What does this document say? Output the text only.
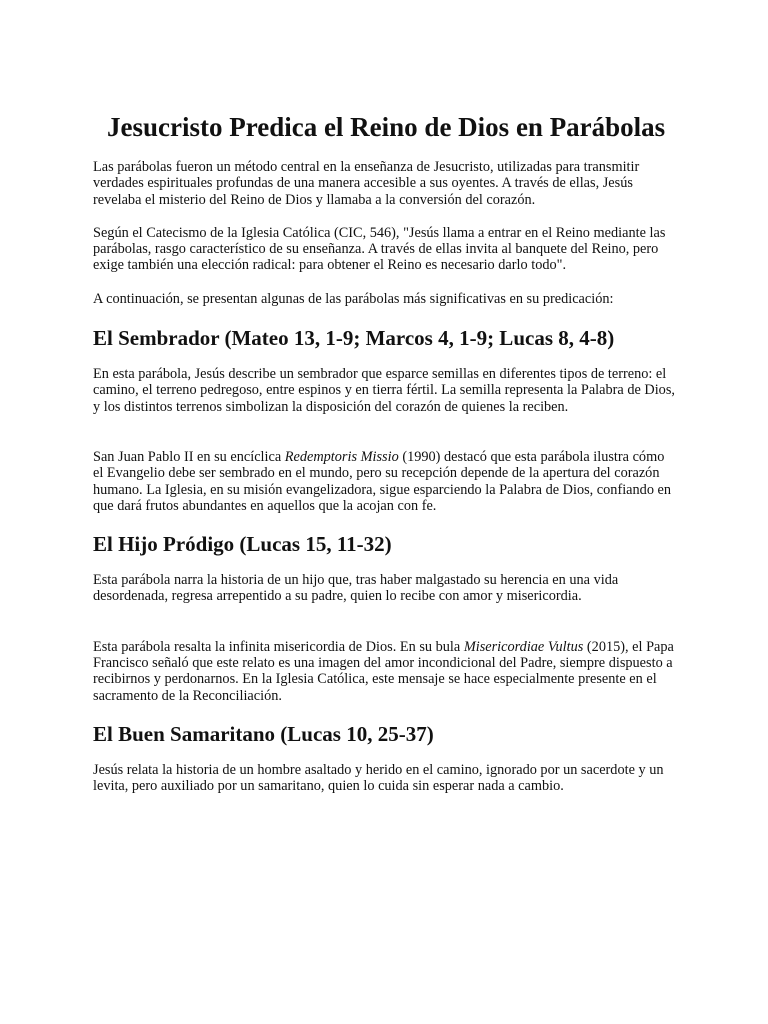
Jesucristo Predica el Reino de Dios en Parábolas

Las parábolas fueron un método central en la enseñanza de Jesucristo, utilizadas para transmitir verdades espirituales profundas de una manera accesible a sus oyentes. A través de ellas, Jesús revelaba el misterio del Reino de Dios y llamaba a la conversión del corazón.

Según el Catecismo de la Iglesia Católica (CIC, 546), "Jesús llama a entrar en el Reino mediante las parábolas, rasgo característico de su enseñanza. A través de ellas invita al banquete del Reino, pero exige también una elección radical: para obtener el Reino es necesario darlo todo".

A continuación, se presentan algunas de las parábolas más significativas en su predicación:

El Sembrador (Mateo 13, 1-9; Marcos 4, 1-9; Lucas 8, 4-8)

En esta parábola, Jesús describe un sembrador que esparce semillas en diferentes tipos de terreno: el camino, el terreno pedregoso, entre espinos y en tierra fértil. La semilla representa la Palabra de Dios, y los distintos terrenos simbolizan la disposición del corazón de quienes la reciben.

San Juan Pablo II en su encíclica Redemptoris Missio (1990) destacó que esta parábola ilustra cómo el Evangelio debe ser sembrado en el mundo, pero su recepción depende de la apertura del corazón humano. La Iglesia, en su misión evangelizadora, sigue esparciendo la Palabra de Dios, confiando en que dará frutos abundantes en aquellos que la acojan con fe.

El Hijo Pródigo (Lucas 15, 11-32)

Esta parábola narra la historia de un hijo que, tras haber malgastado su herencia en una vida desordenada, regresa arrepentido a su padre, quien lo recibe con amor y misericordia.

Esta parábola resalta la infinita misericordia de Dios. En su bula Misericordiae Vultus (2015), el Papa Francisco señaló que este relato es una imagen del amor incondicional del Padre, siempre dispuesto a recibirnos y perdonarnos. En la Iglesia Católica, este mensaje se hace especialmente presente en el sacramento de la Reconciliación.

El Buen Samaritano (Lucas 10, 25-37)

Jesús relata la historia de un hombre asaltado y herido en el camino, ignorado por un sacerdote y un levita, pero auxiliado por un samaritano, quien lo cuida sin esperar nada a cambio.
